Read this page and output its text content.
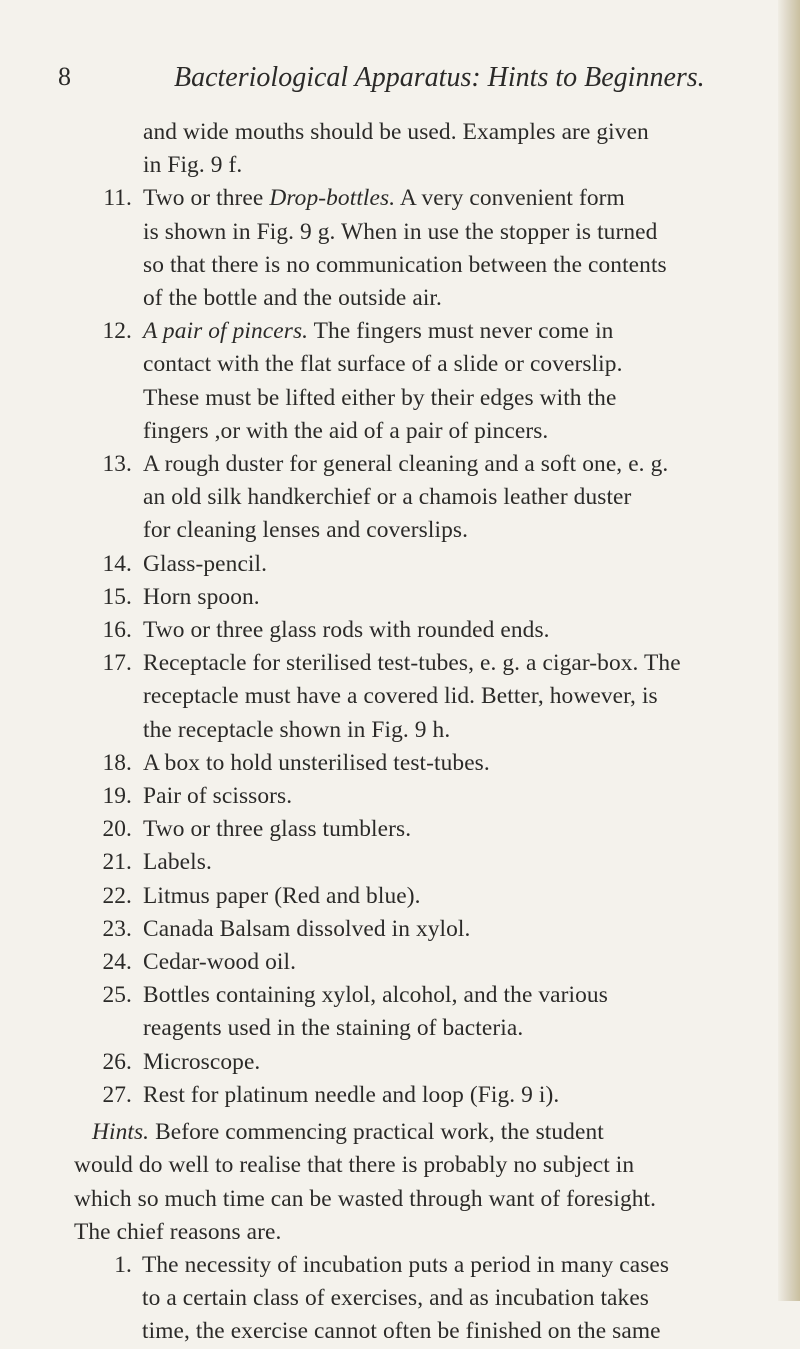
8	Bacteriological Apparatus: Hints to Beginners.
and wide mouths should be used. Examples are given
in Fig. 9 f.
11. Two or three Drop-bottles. A very convenient form
is shown in Fig. 9 g. When in use the stopper is turned
so that there is no communication between the contents
of the bottle and the outside air.
12. A pair of pincers. The fingers must never come in
contact with the flat surface of a slide or coverslip.
These must be lifted either by their edges with the
fingers ,or with the aid of a pair of pincers.
13. A rough duster for general cleaning and a soft one, e. g.
an old silk handkerchief or a chamois leather duster
for cleaning lenses and coverslips.
14. Glass-pencil.
15. Horn spoon.
16. Two or three glass rods with rounded ends.
17. Receptacle for sterilised test-tubes, e. g. a cigar-box. The
receptacle must have a covered lid. Better, however, is
the receptacle shown in Fig. 9 h.
18. A box to hold unsterilised test-tubes.
19. Pair of scissors.
20. Two or three glass tumblers.
21. Labels.
22. Litmus paper (Red and blue).
23. Canada Balsam dissolved in xylol.
24. Cedar-wood oil.
25. Bottles containing xylol, alcohol, and the various
reagents used in the staining of bacteria.
26. Microscope.
27. Rest for platinum needle and loop (Fig. 9 i).
Hints. Before commencing practical work, the student
would do well to realise that there is probably no subject in
which so much time can be wasted through want of foresight.
The chief reasons are.
1. The necessity of incubation puts a period in many cases
to a certain class of exercises, and as incubation takes
time, the exercise cannot often be finished on the same
